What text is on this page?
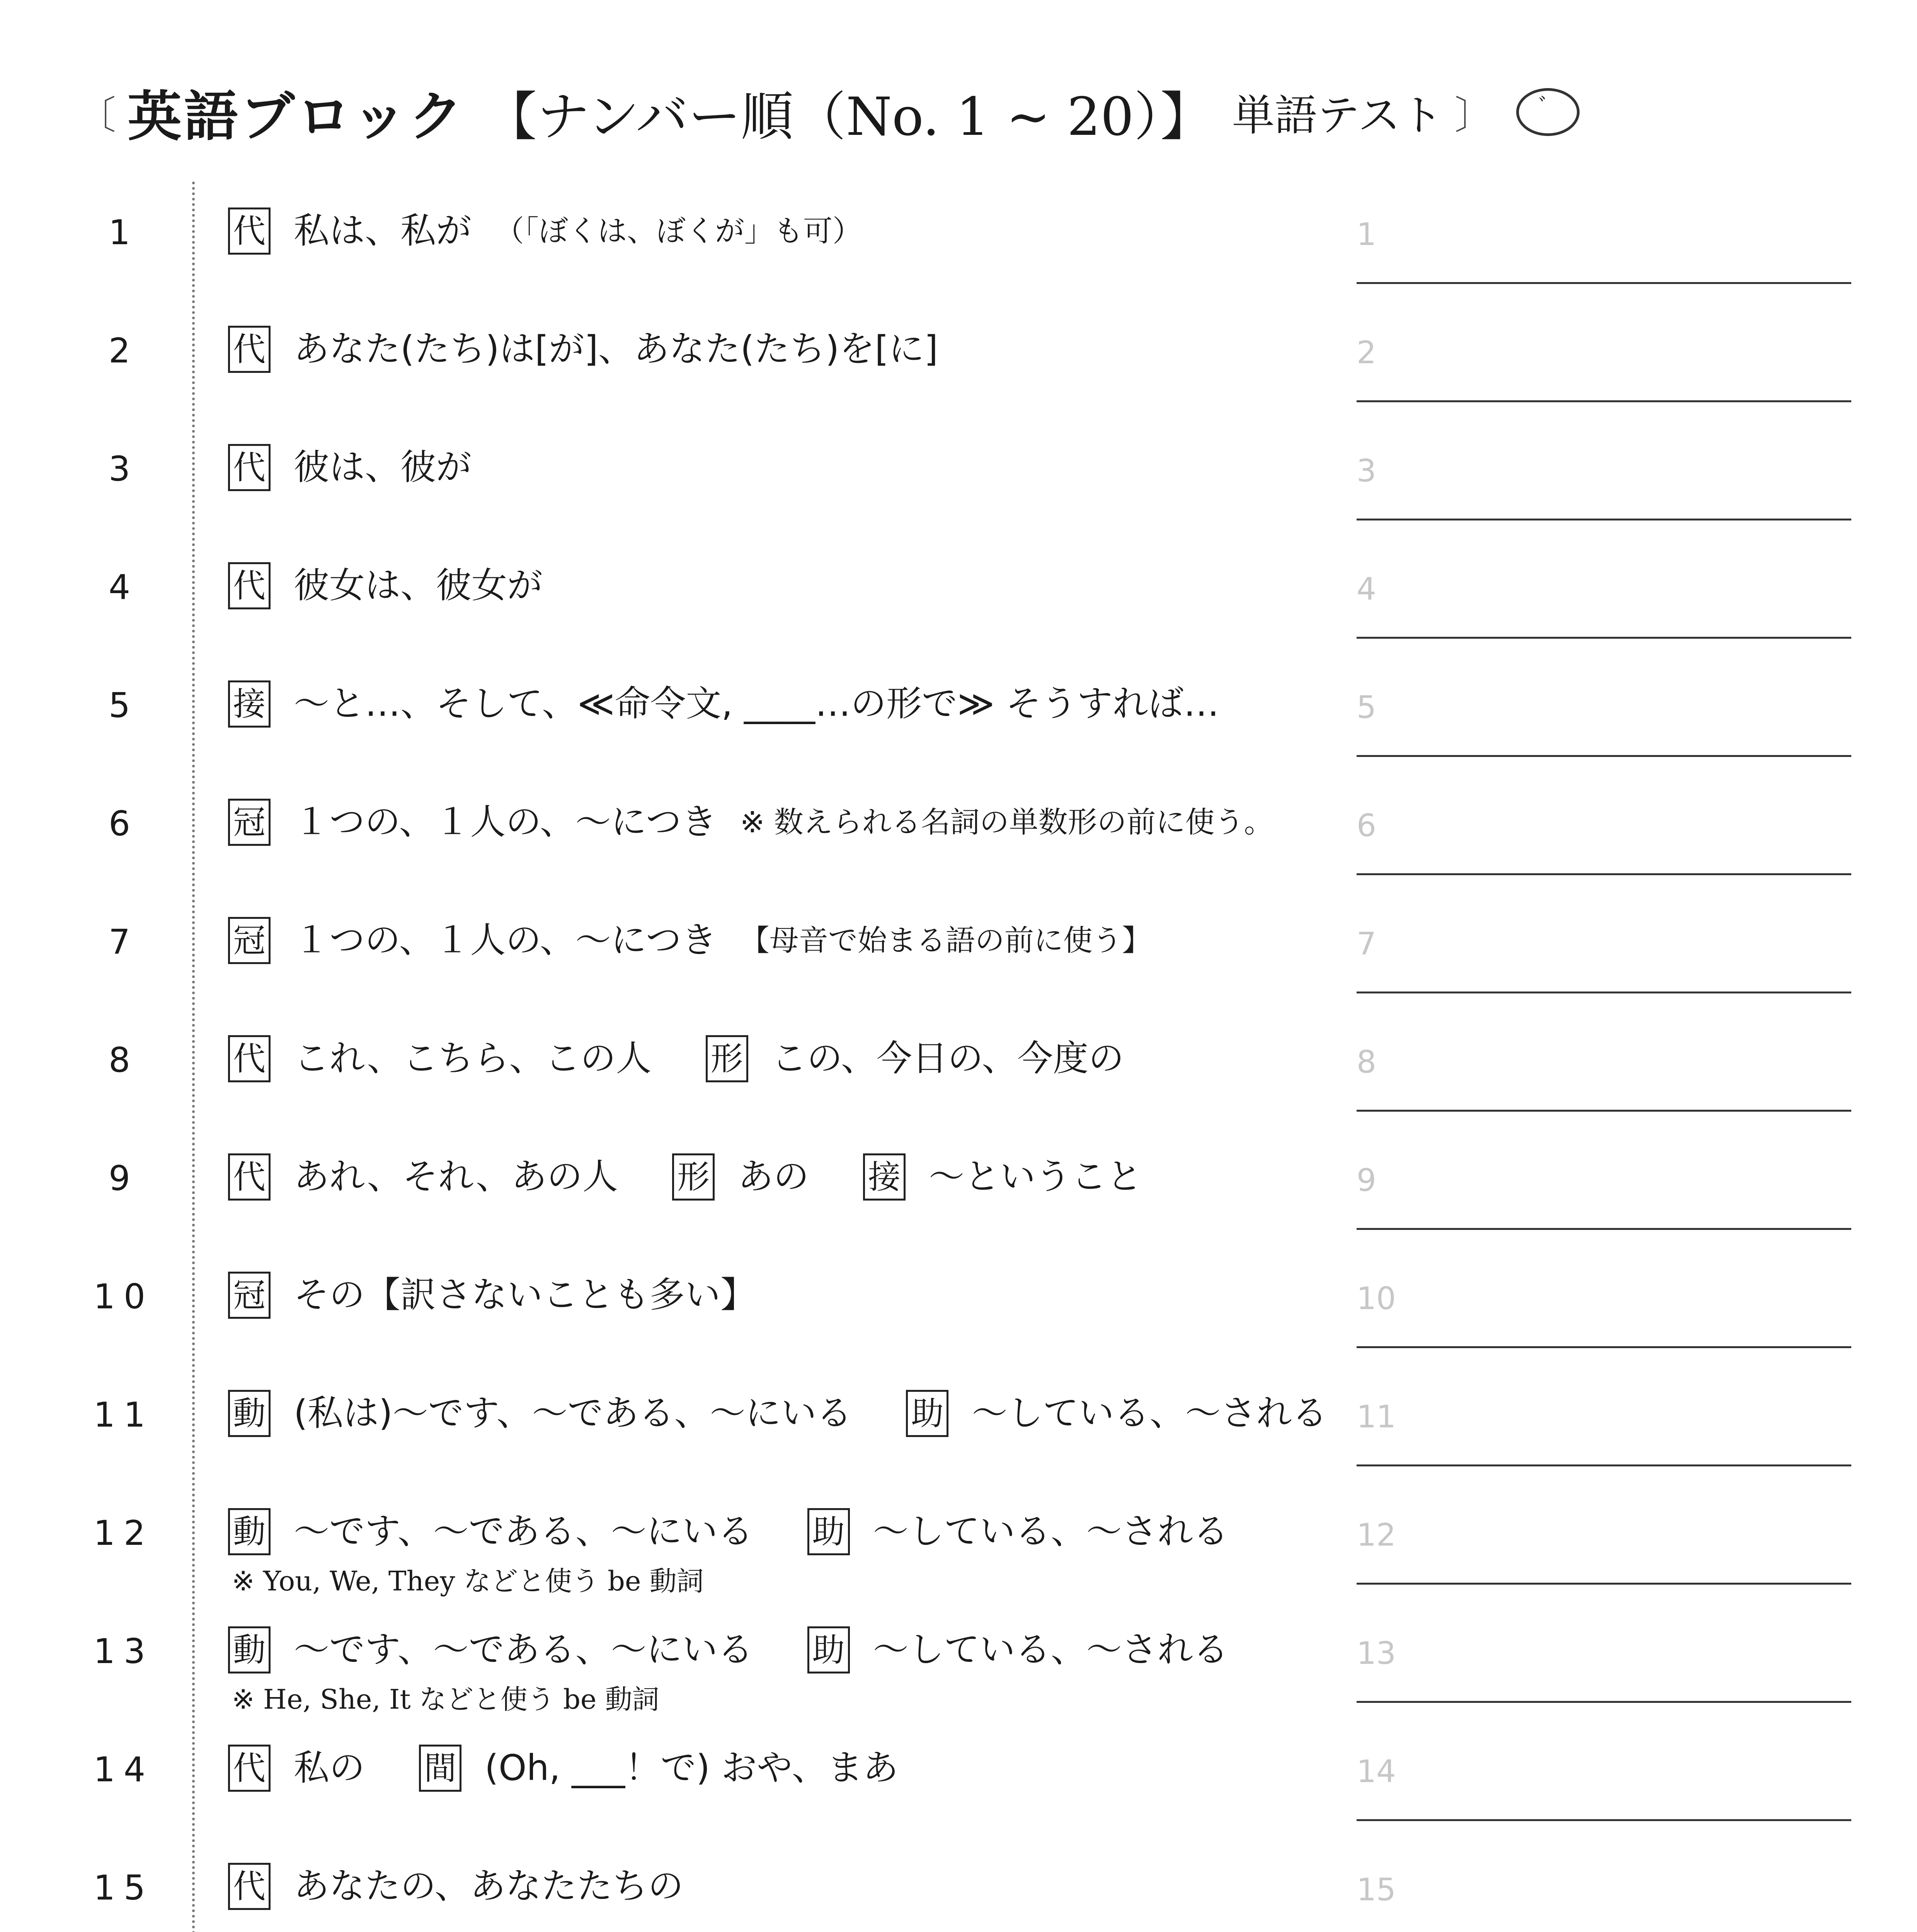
〔 英語ブロック 【ナンバー順（No. 1 ~ 20）】 単語テスト 〕
ﾞ
1	代 私は、私が （「ぼくは、ぼくが」も可）	1
2	代 あなた(たち)は[が]、あなた(たち)を[に]	2
3	代 彼は、彼が	3
4	代 彼女は、彼女が	4
5	接 ～と…、そして、≪命令文, ____…の形で≫ そうすれば…	5
6	冠 １つの、１人の、～につき ※ 数えられる名詞の単数形の前に使う。	6
7	冠 １つの、１人の、～につき 【母音で始まる語の前に使う】	7
8	代 これ、こちら、この人 形 この、今日の、今度の	8
9	代 あれ、それ、あの人 形 あの 接 ～ということ	9
10	冠 その【訳さないことも多い】	10
11	動 (私は)～です、～である、～にいる 助 ～している、～される 11
12	動 ～です、～である、～にいる 助 ～している、～される
※ You, We, They などと使う be 動詞
12
13	動 ～です、～である、～にいる 助 ～している、～される
※ He, She, It などと使う be 動詞
13
14	代 私の 間 (Oh, ___！で) おや、まあ	14
15	代 あなたの、あなたたちの	15
